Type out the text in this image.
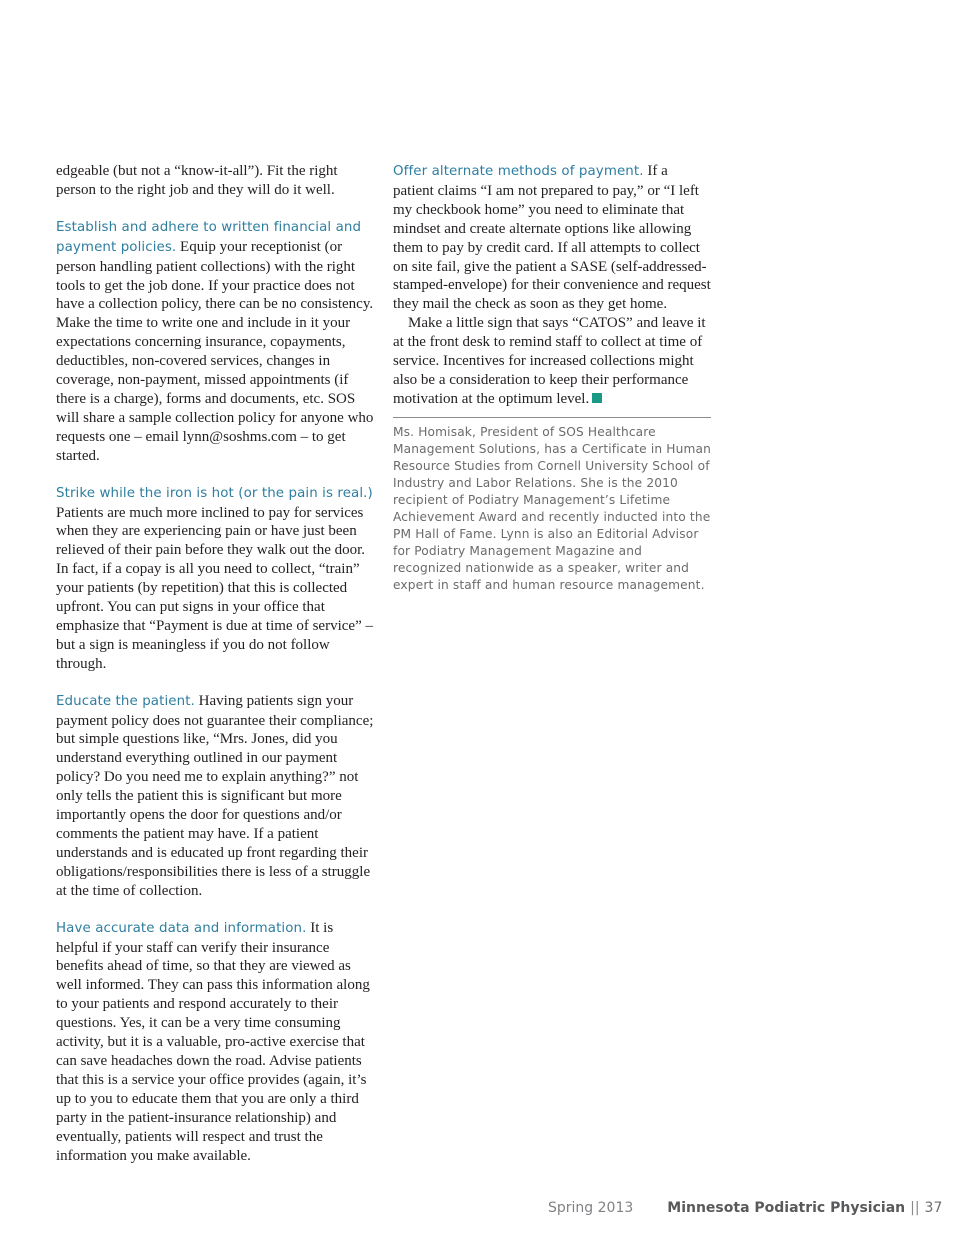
edgeable (but not a “know-it-all”). Fit the right person to the right job and they will do it well.

Establish and adhere to written financial and payment policies. Equip your receptionist (or person handling patient collections) with the right tools to get the job done. If your practice does not have a collection policy, there can be no consistency. Make the time to write one and include in it your expectations concerning insurance, copayments, deductibles, non-covered services, changes in coverage, non-payment, missed appointments (if there is a charge), forms and documents, etc. SOS will share a sample collection policy for anyone who requests one – email lynn@soshms.com – to get started.

Strike while the iron is hot (or the pain is real.) Patients are much more inclined to pay for services when they are experiencing pain or have just been relieved of their pain before they walk out the door. In fact, if a copay is all you need to collect, “train” your patients (by repetition) that this is collected upfront. You can put signs in your office that emphasize that “Payment is due at time of service” – but a sign is meaningless if you do not follow through.

Educate the patient. Having patients sign your payment policy does not guarantee their compliance; but simple questions like, “Mrs. Jones, did you understand everything outlined in our payment policy? Do you need me to explain anything?” not only tells the patient this is significant but more importantly opens the door for questions and/or comments the patient may have. If a patient understands and is educated up front regarding their obligations/responsibilities there is less of a struggle at the time of collection.

Have accurate data and information. It is helpful if your staff can verify their insurance benefits ahead of time, so that they are viewed as well informed. They can pass this information along to your patients and respond accurately to their questions. Yes, it can be a very time consuming activity, but it is a valuable, pro-active exercise that can save headaches down the road. Advise patients that this is a service your office provides (again, it’s up to you to educate them that you are only a third party in the patient-insurance relationship) and eventually, patients will respect and trust the information you make available.

Offer alternate methods of payment. If a patient claims “I am not prepared to pay,” or “I left my checkbook home” you need to eliminate that mindset and create alternate options like allowing them to pay by credit card. If all attempts to collect on site fail, give the patient a SASE (self-addressed-stamped-envelope) for their convenience and request they mail the check as soon as they get home.

Make a little sign that says “CATOS” and leave it at the front desk to remind staff to collect at time of service. Incentives for increased collections might also be a consideration to keep their performance motivation at the optimum level.

Ms. Homisak, President of SOS Healthcare Management Solutions, has a Certificate in Human Resource Studies from Cornell University School of Industry and Labor Relations. She is the 2010 recipient of Podiatry Management’s Lifetime Achievement Award and recently inducted into the PM Hall of Fame. Lynn is also an Editorial Advisor for Podiatry Management Magazine and recognized nationwide as a speaker, writer and expert in staff and human resource management.

Spring 2013 Minnesota Podiatric Physician || 37
